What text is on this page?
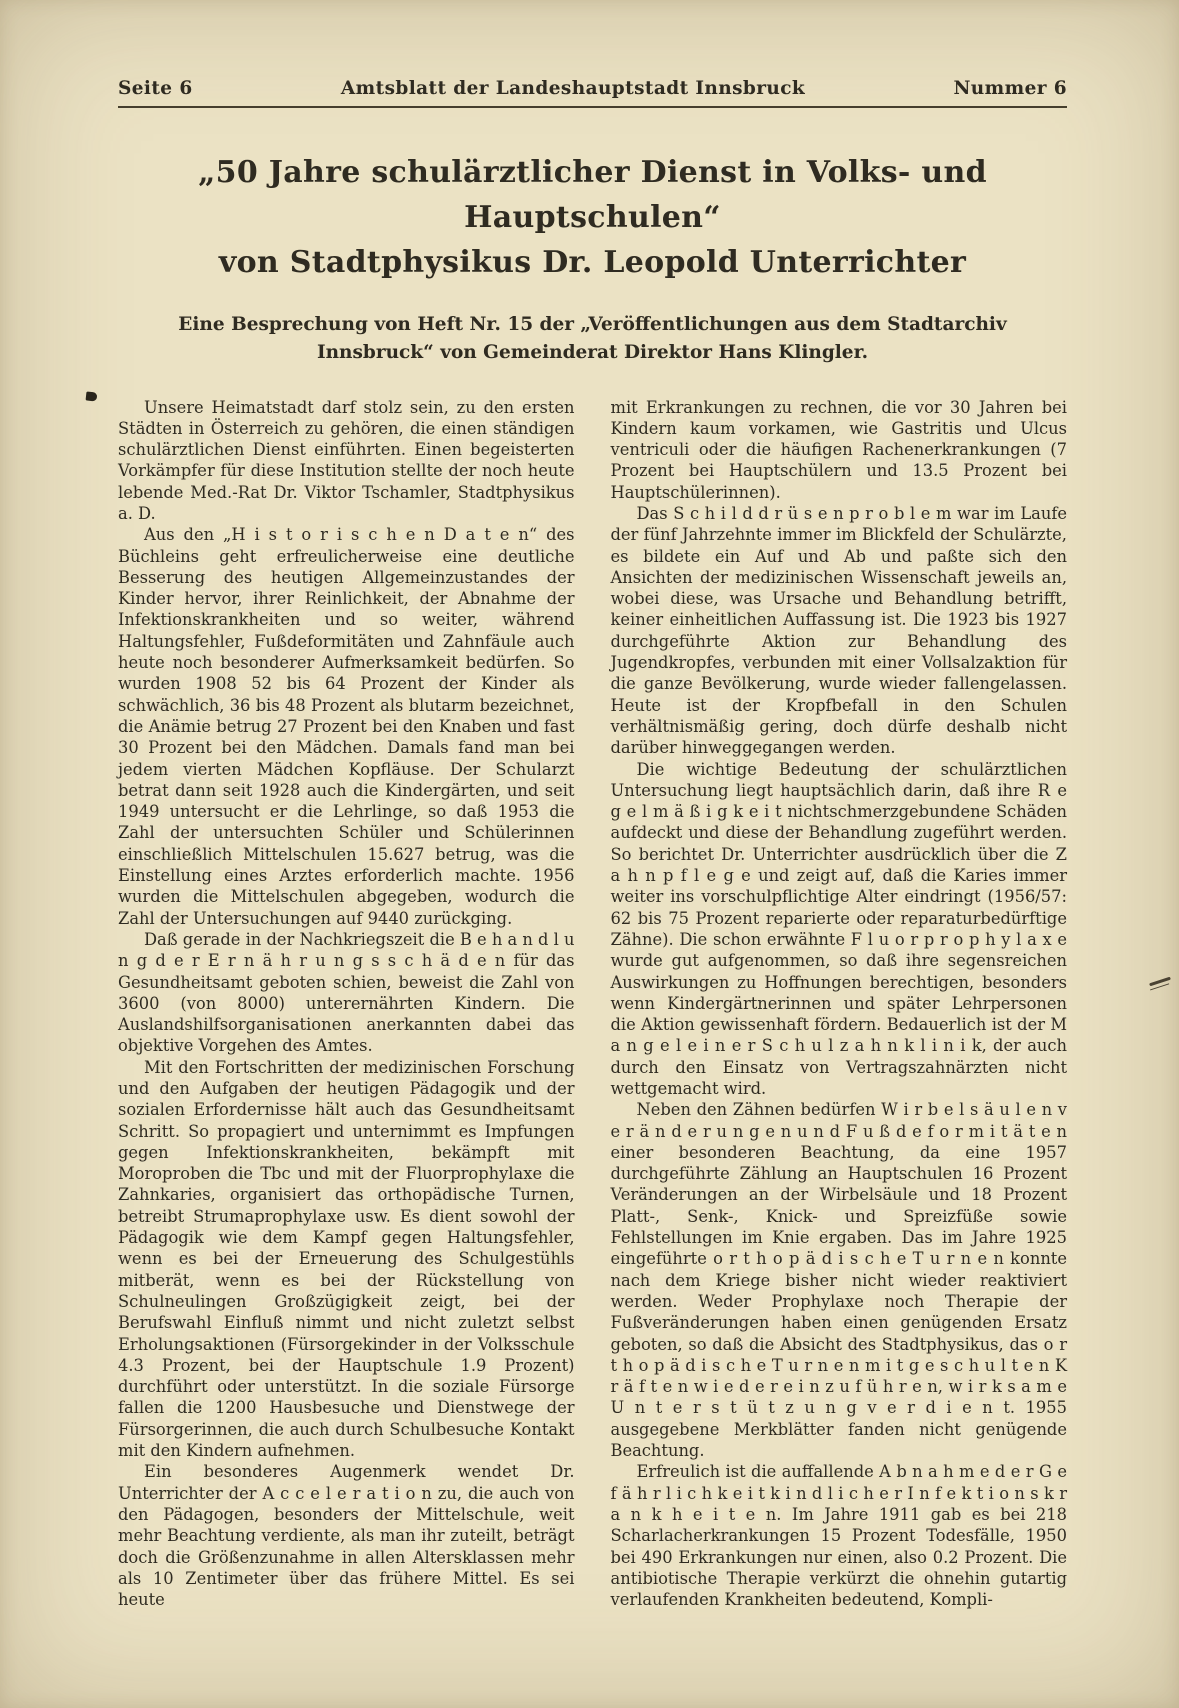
Seite 6	Amtsblatt der Landeshauptstadt Innsbruck	Nummer 6
„50 Jahre schulärztlicher Dienst in Volks- und Hauptschulen“
von Stadtphysikus Dr. Leopold Unterrichter

Eine Besprechung von Heft Nr. 15 der „Veröffentlichungen aus dem Stadtarchiv Innsbruck“ von Gemeinderat Direktor Hans Klingler.

Unsere Heimatstadt darf stolz sein, zu den ersten Städten in Österreich zu gehören, die einen ständigen schulärztlichen Dienst einführten. Einen begeisterten Vorkämpfer für diese Institution stellte der noch heute lebende Med.-Rat Dr. Viktor Tschamler, Stadtphysikus a. D.

Aus den „H i s t o r i s c h e n D a t e n“ des Büchleins geht erfreulicherweise eine deutliche Besserung des heutigen Allgemeinzustandes der Kinder hervor, ihrer Reinlichkeit, der Abnahme der Infektionskrankheiten und so weiter, während Haltungsfehler, Fußdeformitäten und Zahnfäule auch heute noch besonderer Aufmerksamkeit bedürfen. So wurden 1908 52 bis 64 Prozent der Kinder als schwächlich, 36 bis 48 Prozent als blutarm bezeichnet, die Anämie betrug 27 Prozent bei den Knaben und fast 30 Prozent bei den Mädchen. Damals fand man bei jedem vierten Mädchen Kopfläuse. Der Schularzt betrat dann seit 1928 auch die Kindergärten, und seit 1949 untersucht er die Lehrlinge, so daß 1953 die Zahl der untersuchten Schüler und Schülerinnen einschließlich Mittelschulen 15.627 betrug, was die Einstellung eines Arztes erforderlich machte. 1956 wurden die Mittelschulen abgegeben, wodurch die Zahl der Untersuchungen auf 9440 zurückging.

Daß gerade in der Nachkriegszeit die B e h a n d l u n g d e r E r n ä h r u n g s s c h ä d e n für das Gesundheitsamt geboten schien, beweist die Zahl von 3600 (von 8000) unterernährten Kindern. Die Auslandshilfsorganisationen anerkannten dabei das objektive Vorgehen des Amtes.

Mit den Fortschritten der medizinischen Forschung und den Aufgaben der heutigen Pädagogik und der sozialen Erfordernisse hält auch das Gesundheitsamt Schritt. So propagiert und unternimmt es Impfungen gegen Infektionskrankheiten, bekämpft mit Moroproben die Tbc und mit der Fluorprophylaxe die Zahnkaries, organisiert das orthopädische Turnen, betreibt Strumaprophylaxe usw. Es dient sowohl der Pädagogik wie dem Kampf gegen Haltungsfehler, wenn es bei der Erneuerung des Schulgestühls mitberät, wenn es bei der Rückstellung von Schulneulingen Großzügigkeit zeigt, bei der Berufswahl Einfluß nimmt und nicht zuletzt selbst Erholungsaktionen (Fürsorgekinder in der Volksschule 4.3 Prozent, bei der Hauptschule 1.9 Prozent) durchführt oder unterstützt. In die soziale Fürsorge fallen die 1200 Hausbesuche und Dienstwege der Fürsorgerinnen, die auch durch Schulbesuche Kontakt mit den Kindern aufnehmen.

Ein besonderes Augenmerk wendet Dr. Unterrichter der A c c e l e r a t i o n zu, die auch von den Pädagogen, besonders der Mittelschule, weit mehr Beachtung verdiente, als man ihr zuteilt, beträgt doch die Größenzunahme in allen Altersklassen mehr als 10 Zentimeter über das frühere Mittel. Es sei heute

mit Erkrankungen zu rechnen, die vor 30 Jahren bei Kindern kaum vorkamen, wie Gastritis und Ulcus ventriculi oder die häufigen Rachenerkrankungen (7 Prozent bei Hauptschülern und 13.5 Prozent bei Hauptschülerinnen).

Das S c h i l d d r ü s e n p r o b l e m war im Laufe der fünf Jahrzehnte immer im Blickfeld der Schulärzte, es bildete ein Auf und Ab und paßte sich den Ansichten der medizinischen Wissenschaft jeweils an, wobei diese, was Ursache und Behandlung betrifft, keiner einheitlichen Auffassung ist. Die 1923 bis 1927 durchgeführte Aktion zur Behandlung des Jugendkropfes, verbunden mit einer Vollsalzaktion für die ganze Bevölkerung, wurde wieder fallengelassen. Heute ist der Kropfbefall in den Schulen verhältnismäßig gering, doch dürfe deshalb nicht darüber hinweggegangen werden.

Die wichtige Bedeutung der schulärztlichen Untersuchung liegt hauptsächlich darin, daß ihre R e g e l m ä ß i g k e i t nichtschmerzgebundene Schäden aufdeckt und diese der Behandlung zugeführt werden. So berichtet Dr. Unterrichter ausdrücklich über die Z a h n p f l e g e und zeigt auf, daß die Karies immer weiter ins vorschulpflichtige Alter eindringt (1956/57: 62 bis 75 Prozent reparierte oder reparaturbedürftige Zähne). Die schon erwähnte F l u o r p r o p h y l a x e wurde gut aufgenommen, so daß ihre segensreichen Auswirkungen zu Hoffnungen berechtigen, besonders wenn Kindergärtnerinnen und später Lehrpersonen die Aktion gewissenhaft fördern. Bedauerlich ist der M a n g e l e i n e r S c h u l z a h n k l i n i k, der auch durch den Einsatz von Vertragszahnärzten nicht wettgemacht wird.

Neben den Zähnen bedürfen W i r b e l s ä u l e n v e r ä n d e r u n g e n u n d F u ß d e f o r m i t ä t e n einer besonderen Beachtung, da eine 1957 durchgeführte Zählung an Hauptschulen 16 Prozent Veränderungen an der Wirbelsäule und 18 Prozent Platt-, Senk-, Knick- und Spreizfüße sowie Fehlstellungen im Knie ergaben. Das im Jahre 1925 eingeführte o r t h o p ä d i s c h e T u r n e n konnte nach dem Kriege bisher nicht wieder reaktiviert werden. Weder Prophylaxe noch Therapie der Fußveränderungen haben einen genügenden Ersatz geboten, so daß die Absicht des Stadtphysikus, das o r t h o p ä d i s c h e T u r n e n m i t g e s c h u l t e n K r ä f t e n w i e d e r e i n z u f ü h r e n, w i r k s a m e U n t e r s t ü t z u n g v e r d i e n t. 1955 ausgegebene Merkblätter fanden nicht genügende Beachtung.

Erfreulich ist die auffallende A b n a h m e d e r G e f ä h r l i c h k e i t k i n d l i c h e r I n f e k t i o n s k r a n k h e i t e n. Im Jahre 1911 gab es bei 218 Scharlacherkrankungen 15 Prozent Todesfälle, 1950 bei 490 Erkrankungen nur einen, also 0.2 Prozent. Die antibiotische Therapie verkürzt die ohnehin gutartig verlaufenden Krankheiten bedeutend, Kompli-
